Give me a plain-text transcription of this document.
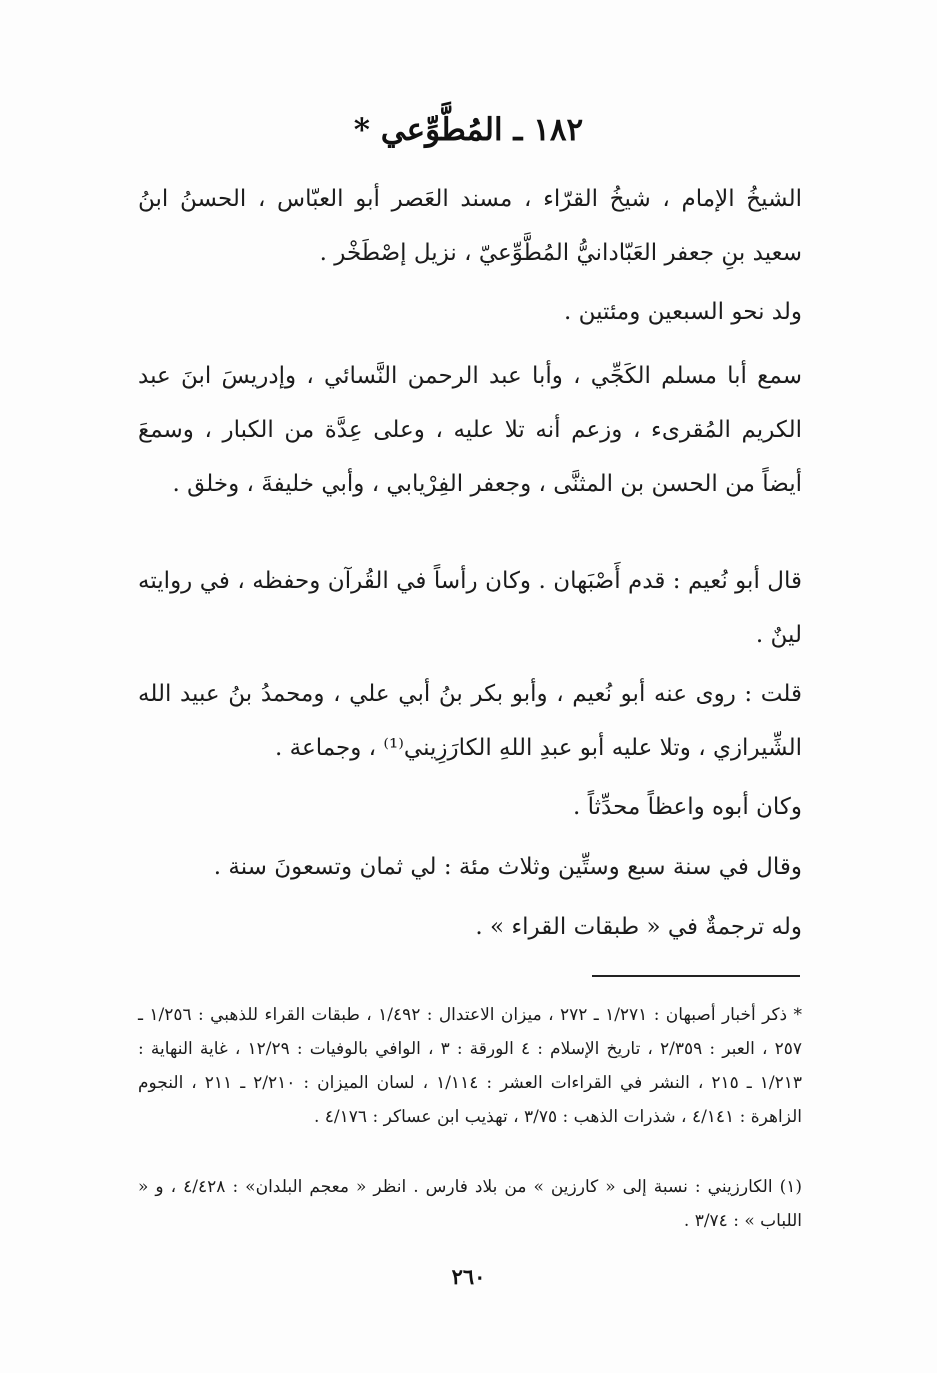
١٨٢ ـ المُطَّوِّعي *

الشيخُ الإمام ، شيخُ القرّاء ، مسند العَصر أبو العبّاس ، الحسنُ ابنُ سعيد بنِ جعفر العَبّادانيُّ المُطَّوِّعيّ ، نزيل إصْطَخْر .

ولد نحو السبعين ومئتين .

سمع أبا مسلم الكَجِّي ، وأبا عبد الرحمن النَّسائي ، وإدريسَ ابنَ عبد الكريم المُقرىء ، وزعم أنه تلا عليه ، وعلى عِدَّة من الكبار ، وسمعَ أيضاً من الحسن بن المثنَّى ، وجعفر الفِرْيابي ، وأبي خليفةَ ، وخلق .

قال أبو نُعيم : قدم أَصْبَهان . وكان رأساً في القُرآن وحفظه ، في روايته لينٌ .

قلت : روى عنه أبو نُعيم ، وأبو بكر بنُ أبي علي ، ومحمدُ بنُ عبيد الله الشِّيرازي ، وتلا عليه أبو عبدِ اللهِ الكارَزِيني⁽¹⁾ ، وجماعة .

وكان أبوه واعظاً محدِّثاً .

وقال في سنة سبع وستِّين وثلاث مئة : لي ثمان وتسعونَ سنة .

وله ترجمةٌ في « طبقات القراء » .

* ذكر أخبار أصبهان : ١/٢٧١ ـ ٢٧٢ ، ميزان الاعتدال : ١/٤٩٢ ، طبقات القراء للذهبي : ١/٢٥٦ ـ ٢٥٧ ، العبر : ٢/٣٥٩ ، تاريخ الإسلام : ٤ الورقة : ٣ ، الوافي بالوفيات : ١٢/٢٩ ، غاية النهاية : ١/٢١٣ ـ ٢١٥ ، النشر في القراءات العشر : ١/١١٤ ، لسان الميزان : ٢/٢١٠ ـ ٢١١ ، النجوم الزاهرة : ٤/١٤١ ، شذرات الذهب : ٣/٧٥ ، تهذيب ابن عساكر : ٤/١٧٦ .

(١) الكارزيني : نسبة إلى « كارزين » من بلاد فارس . انظر « معجم البلدان» : ٤/٤٢٨ ، و « اللباب » : ٣/٧٤ .

٢٦٠
